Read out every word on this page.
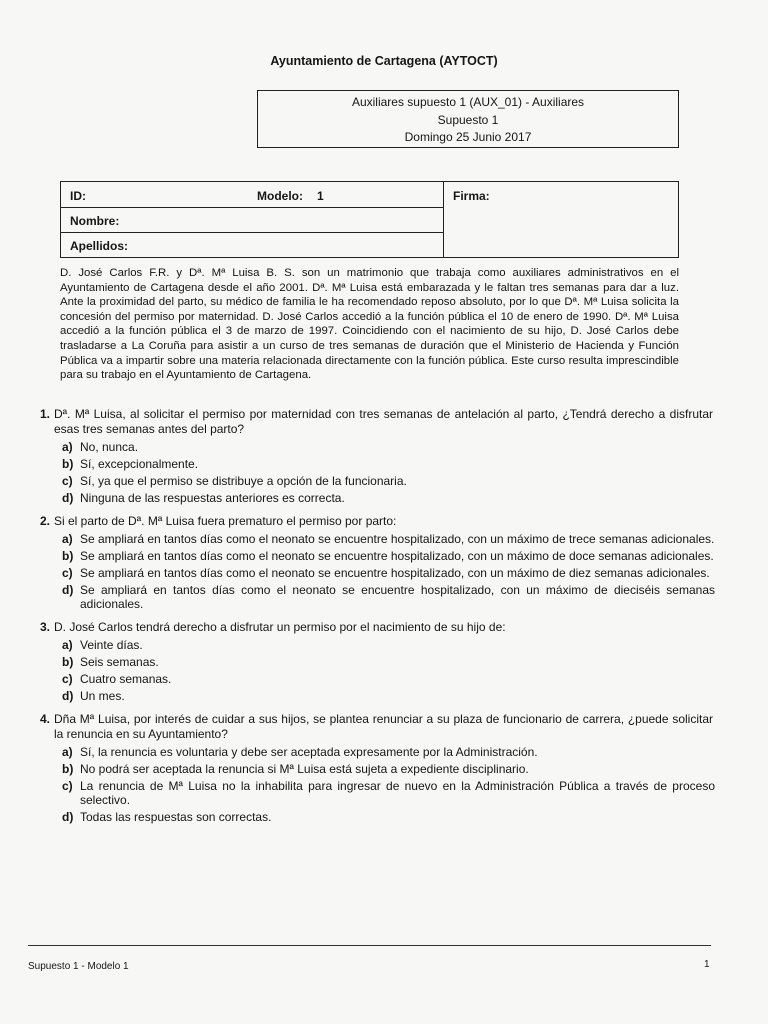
Ayuntamiento de Cartagena (AYTOCT)
Auxiliares supuesto 1 (AUX_01) - Auxiliares
Supuesto 1
Domingo 25 Junio 2017
ID:	Modelo: 1
Nombre:
Apellidos:
Firma:
D. José Carlos F.R. y Dª. Mª Luisa B. S. son un matrimonio que trabaja como auxiliares administrativos en el Ayuntamiento de Cartagena desde el año 2001. Dª. Mª Luisa está embarazada y le faltan tres semanas para dar a luz. Ante la proximidad del parto, su médico de familia le ha recomendado reposo absoluto, por lo que Dª. Mª Luisa solicita la concesión del permiso por maternidad. D. José Carlos accedió a la función pública el 10 de enero de 1990. Dª. Mª Luisa accedió a la función pública el 3 de marzo de 1997. Coincidiendo con el nacimiento de su hijo, D. José Carlos debe trasladarse a La Coruña para asistir a un curso de tres semanas de duración que el Ministerio de Hacienda y Función Pública va a impartir sobre una materia relacionada directamente con la función pública. Este curso resulta imprescindible para su trabajo en el Ayuntamiento de Cartagena.
1. Dª. Mª Luisa, al solicitar el permiso por maternidad con tres semanas de antelación al parto, ¿Tendrá derecho a disfrutar esas tres semanas antes del parto?
a) No, nunca.
b) Sí, excepcionalmente.
c) Sí, ya que el permiso se distribuye a opción de la funcionaria.
d) Ninguna de las respuestas anteriores es correcta.
2. Si el parto de Dª. Mª Luisa fuera prematuro el permiso por parto:
a) Se ampliará en tantos días como el neonato se encuentre hospitalizado, con un máximo de trece semanas adicionales.
b) Se ampliará en tantos días como el neonato se encuentre hospitalizado, con un máximo de doce semanas adicionales.
c) Se ampliará en tantos días como el neonato se encuentre hospitalizado, con un máximo de diez semanas adicionales.
d) Se ampliará en tantos días como el neonato se encuentre hospitalizado, con un máximo de dieciséis semanas adicionales.
3. D. José Carlos tendrá derecho a disfrutar un permiso por el nacimiento de su hijo de:
a) Veinte días.
b) Seis semanas.
c) Cuatro semanas.
d) Un mes.
4. Dña Mª Luisa, por interés de cuidar a sus hijos, se plantea renunciar a su plaza de funcionario de carrera, ¿puede solicitar la renuncia en su Ayuntamiento?
a) Sí, la renuncia es voluntaria y debe ser aceptada expresamente por la Administración.
b) No podrá ser aceptada la renuncia si Mª Luisa está sujeta a expediente disciplinario.
c) La renuncia de Mª Luisa no la inhabilita para ingresar de nuevo en la Administración Pública a través de proceso selectivo.
d) Todas las respuestas son correctas.
Supuesto 1 - Modelo 1	1
